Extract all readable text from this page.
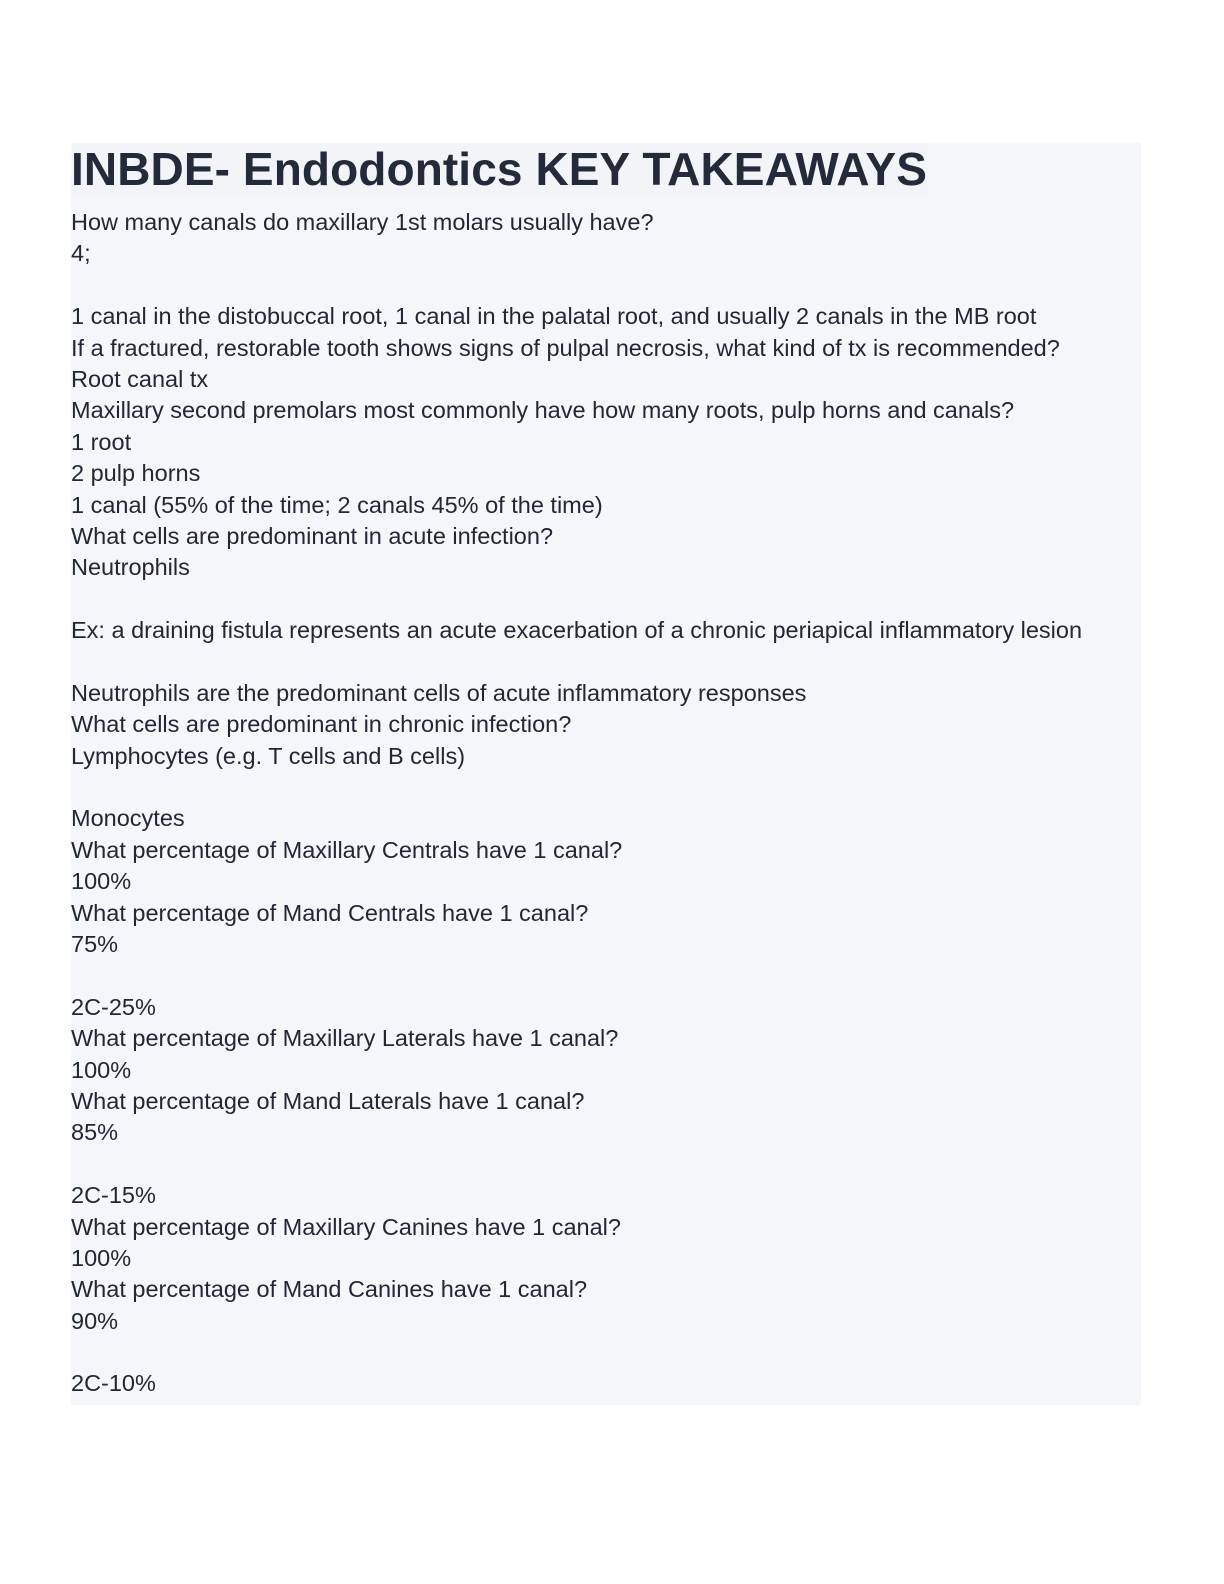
INBDE- Endodontics KEY TAKEAWAYS
How many canals do maxillary 1st molars usually have?
4;
1 canal in the distobuccal root, 1 canal in the palatal root, and usually 2 canals in the MB root
If a fractured, restorable tooth shows signs of pulpal necrosis, what kind of tx is recommended?
Root canal tx
Maxillary second premolars most commonly have how many roots, pulp horns and canals?
1 root
2 pulp horns
1 canal (55% of the time; 2 canals 45% of the time)
What cells are predominant in acute infection?
Neutrophils
Ex: a draining fistula represents an acute exacerbation of a chronic periapical inflammatory lesion
Neutrophils are the predominant cells of acute inflammatory responses
What cells are predominant in chronic infection?
Lymphocytes (e.g. T cells and B cells)
Monocytes
What percentage of Maxillary Centrals have 1 canal?
100%
What percentage of Mand Centrals have 1 canal?
75%
2C-25%
What percentage of Maxillary Laterals have 1 canal?
100%
What percentage of Mand Laterals have 1 canal?
85%
2C-15%
What percentage of Maxillary Canines have 1 canal?
100%
What percentage of Mand Canines have 1 canal?
90%
2C-10%
